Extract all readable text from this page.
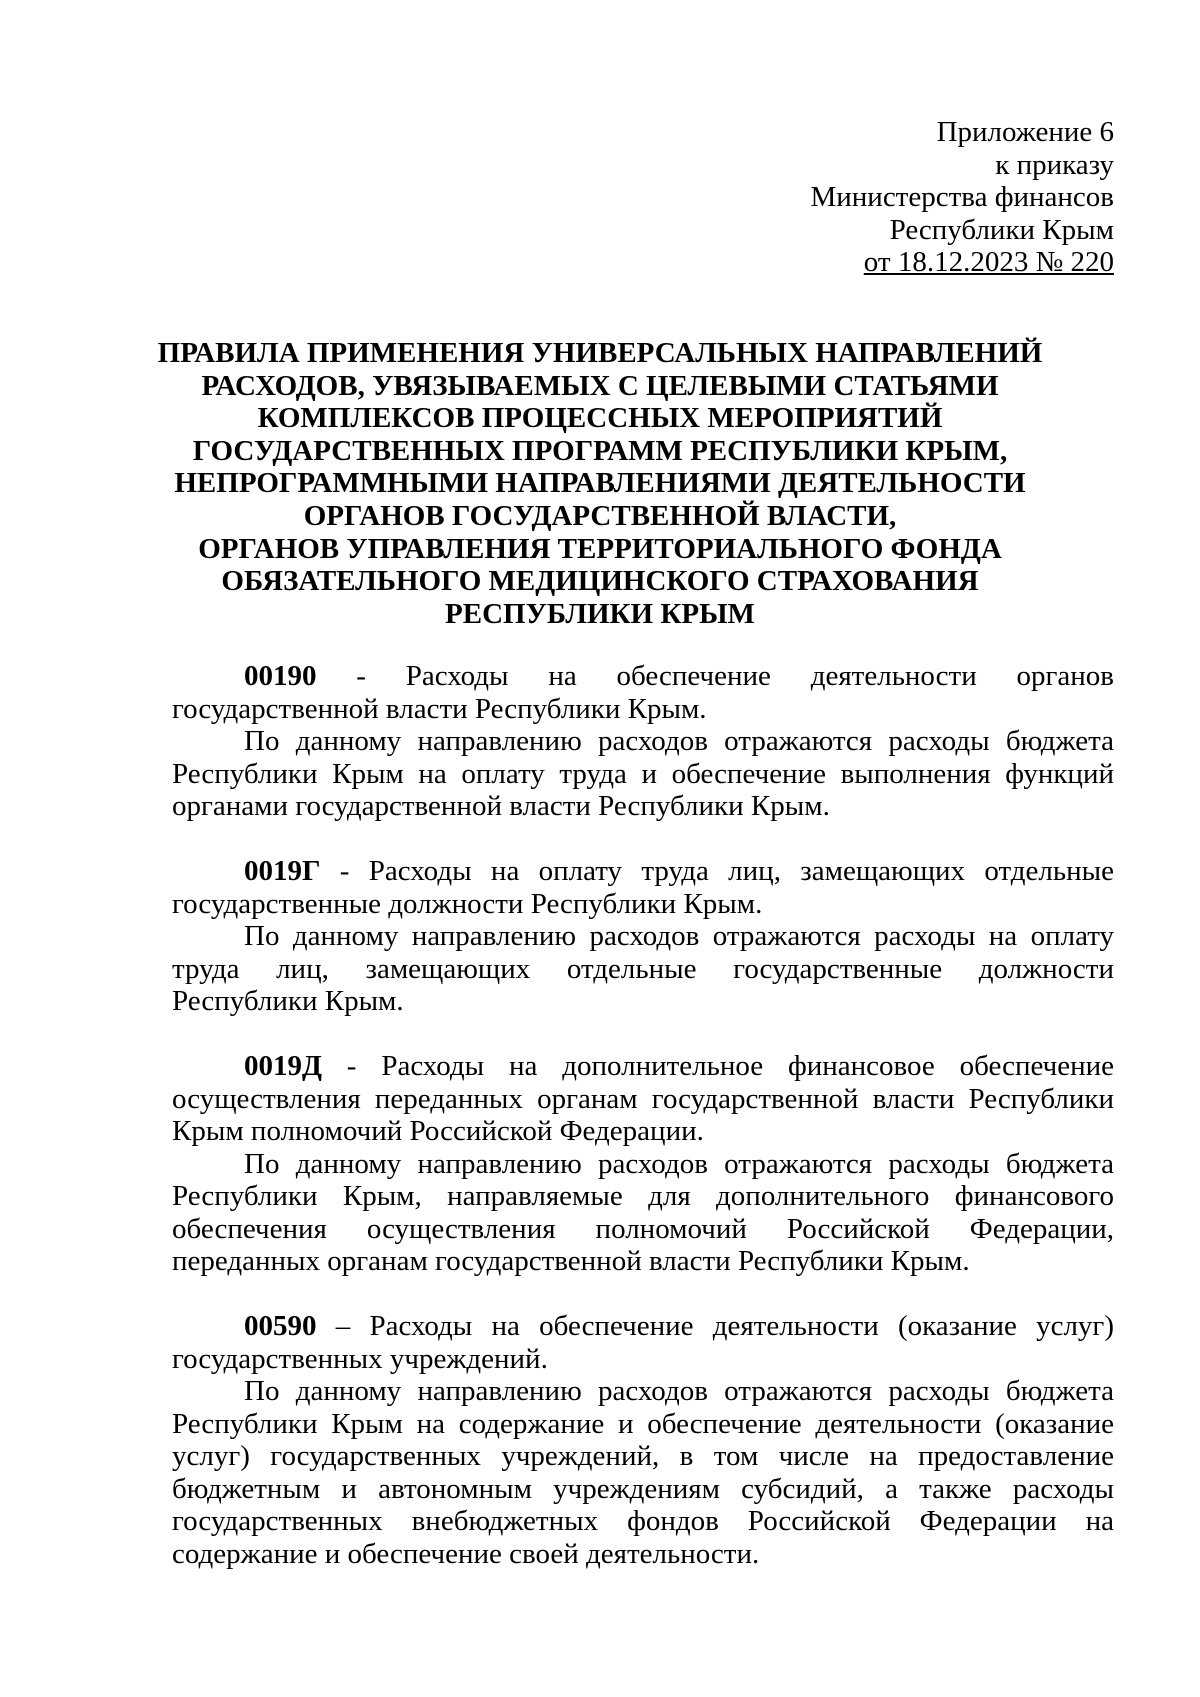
Приложение 6
к приказу
Министерства финансов
Республики Крым
от 18.12.2023 № 220
ПРАВИЛА ПРИМЕНЕНИЯ УНИВЕРСАЛЬНЫХ НАПРАВЛЕНИЙ
РАСХОДОВ, УВЯЗЫВАЕМЫХ С ЦЕЛЕВЫМИ СТАТЬЯМИ
КОМПЛЕКСОВ ПРОЦЕССНЫХ МЕРОПРИЯТИЙ
ГОСУДАРСТВЕННЫХ ПРОГРАММ РЕСПУБЛИКИ КРЫМ,
НЕПРОГРАММНЫМИ НАПРАВЛЕНИЯМИ ДЕЯТЕЛЬНОСТИ
ОРГАНОВ ГОСУДАРСТВЕННОЙ ВЛАСТИ,
ОРГАНОВ УПРАВЛЕНИЯ ТЕРРИТОРИАЛЬНОГО ФОНДА
ОБЯЗАТЕЛЬНОГО МЕДИЦИНСКОГО СТРАХОВАНИЯ
РЕСПУБЛИКИ КРЫМ

00190 - Расходы на обеспечение деятельности органов государственной власти Республики Крым.

По данному направлению расходов отражаются расходы бюджета Республики Крым на оплату труда и обеспечение выполнения функций органами государственной власти Республики Крым.

0019Г - Расходы на оплату труда лиц, замещающих отдельные государственные должности Республики Крым.

По данному направлению расходов отражаются расходы на оплату труда лиц, замещающих отдельные государственные должности Республики Крым.

0019Д - Расходы на дополнительное финансовое обеспечение осуществления переданных органам государственной власти Республики Крым полномочий Российской Федерации.

По данному направлению расходов отражаются расходы бюджета Республики Крым, направляемые для дополнительного финансового обеспечения осуществления полномочий Российской Федерации, переданных органам государственной власти Республики Крым.

00590 – Расходы на обеспечение деятельности (оказание услуг) государственных учреждений.

По данному направлению расходов отражаются расходы бюджета Республики Крым на содержание и обеспечение деятельности (оказание услуг) государственных учреждений, в том числе на предоставление бюджетным и автономным учреждениям субсидий, а также расходы государственных внебюджетных фондов Российской Федерации на содержание и обеспечение своей деятельности.
